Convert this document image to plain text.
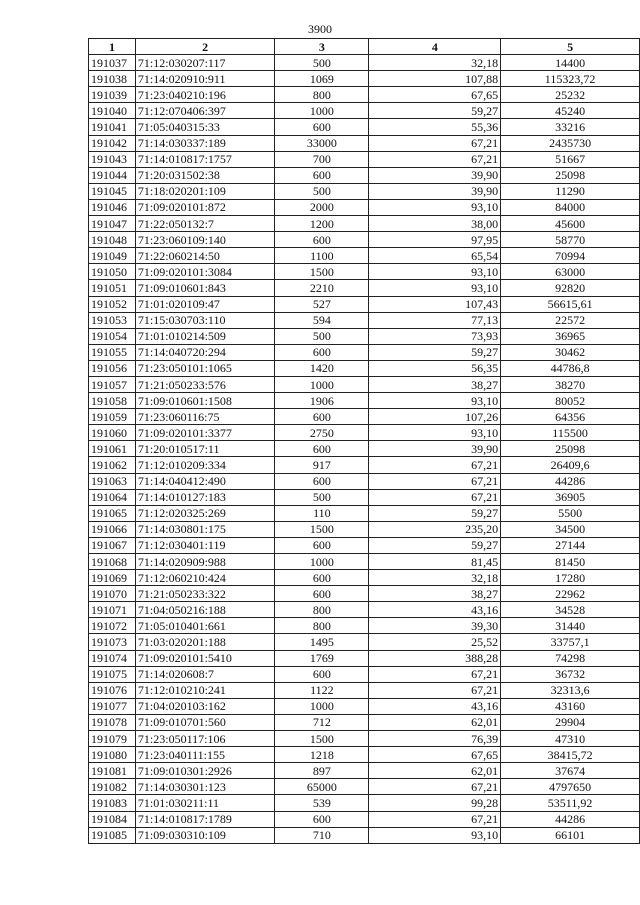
3900
1	2	3	4	5
191037	71:12:030207:117	500	32,18	14400
191038	71:14:020910:911	1069	107,88	115323,72
191039	71:23:040210:196	800	67,65	25232
191040	71:12:070406:397	1000	59,27	45240
191041	71:05:040315:33	600	55,36	33216
191042	71:14:030337:189	33000	67,21	2435730
191043	71:14:010817:1757	700	67,21	51667
191044	71:20:031502:38	600	39,90	25098
191045	71:18:020201:109	500	39,90	11290
191046	71:09:020101:872	2000	93,10	84000
191047	71:22:050132:7	1200	38,00	45600
191048	71:23:060109:140	600	97,95	58770
191049	71:22:060214:50	1100	65,54	70994
191050	71:09:020101:3084	1500	93,10	63000
191051	71:09:010601:843	2210	93,10	92820
191052	71:01:020109:47	527	107,43	56615,61
191053	71:15:030703:110	594	77,13	22572
191054	71:01:010214:509	500	73,93	36965
191055	71:14:040720:294	600	59,27	30462
191056	71:23:050101:1065	1420	56,35	44786,8
191057	71:21:050233:576	1000	38,27	38270
191058	71:09:010601:1508	1906	93,10	80052
191059	71:23:060116:75	600	107,26	64356
191060	71:09:020101:3377	2750	93,10	115500
191061	71:20:010517:11	600	39,90	25098
191062	71:12:010209:334	917	67,21	26409,6
191063	71:14:040412:490	600	67,21	44286
191064	71:14:010127:183	500	67,21	36905
191065	71:12:020325:269	110	59,27	5500
191066	71:14:030801:175	1500	235,20	34500
191067	71:12:030401:119	600	59,27	27144
191068	71:14:020909:988	1000	81,45	81450
191069	71:12:060210:424	600	32,18	17280
191070	71:21:050233:322	600	38,27	22962
191071	71:04:050216:188	800	43,16	34528
191072	71:05:010401:661	800	39,30	31440
191073	71:03:020201:188	1495	25,52	33757,1
191074	71:09:020101:5410	1769	388,28	74298
191075	71:14:020608:7	600	67,21	36732
191076	71:12:010210:241	1122	67,21	32313,6
191077	71:04:020103:162	1000	43,16	43160
191078	71:09:010701:560	712	62,01	29904
191079	71:23:050117:106	1500	76,39	47310
191080	71:23:040111:155	1218	67,65	38415,72
191081	71:09:010301:2926	897	62,01	37674
191082	71:14:030301:123	65000	67,21	4797650
191083	71:01:030211:11	539	99,28	53511,92
191084	71:14:010817:1789	600	67,21	44286
191085	71:09:030310:109	710	93,10	66101
